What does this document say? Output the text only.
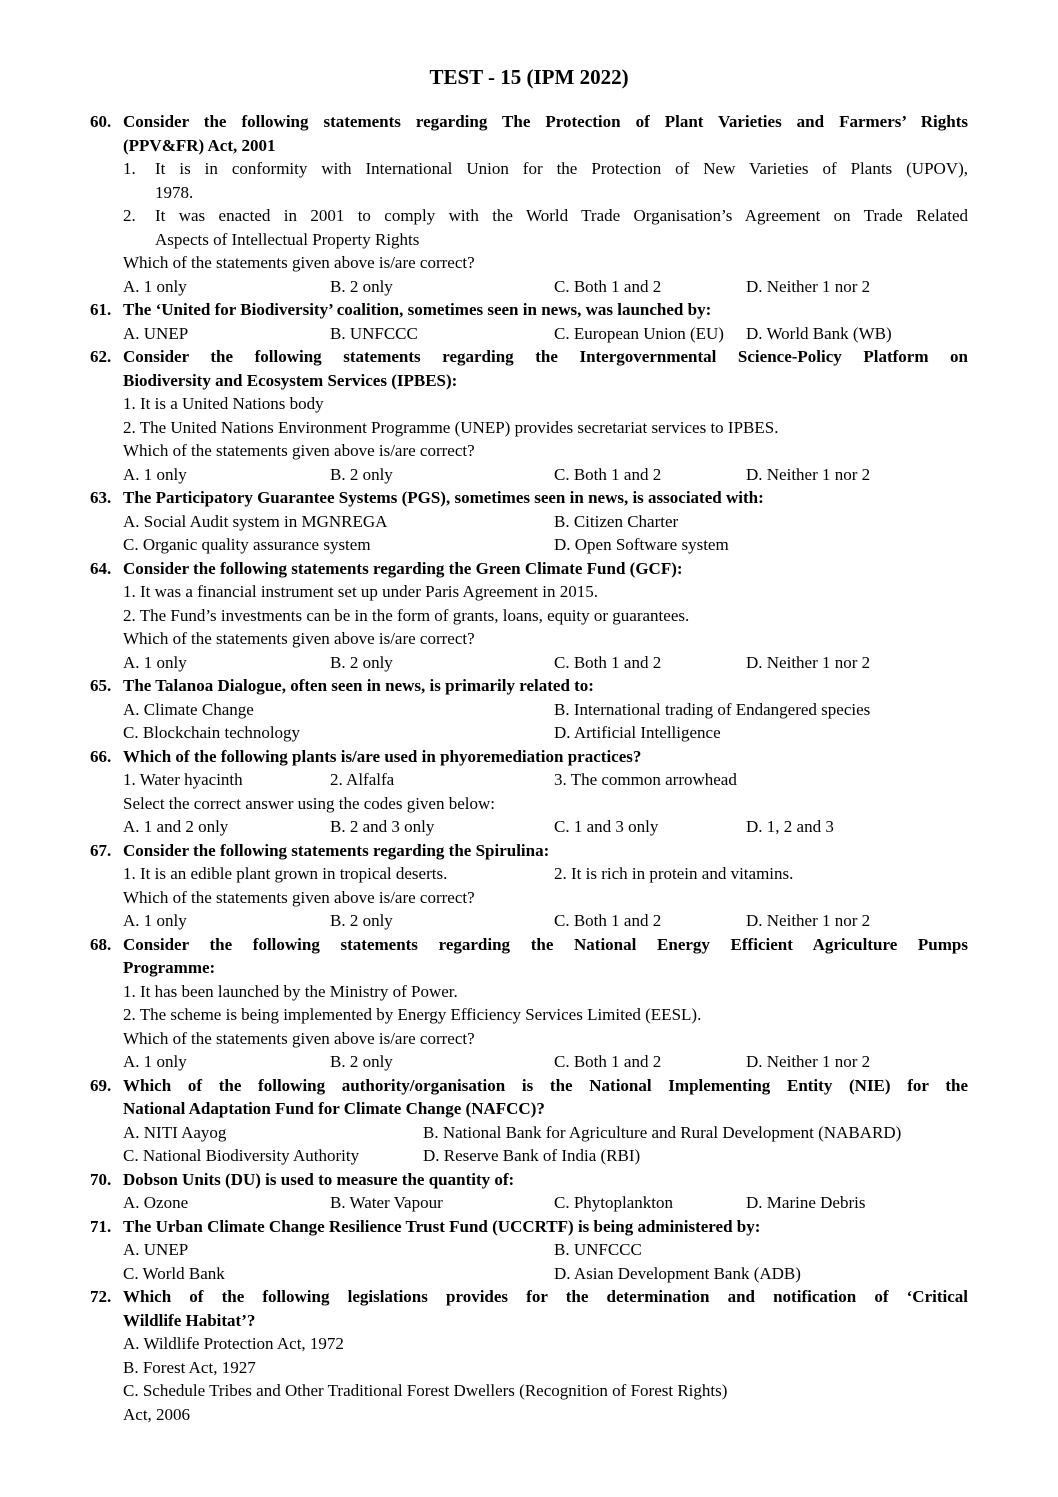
TEST - 15 (IPM 2022)
60. Consider the following statements regarding The Protection of Plant Varieties and Farmers’ Rights
(PPV&FR) Act, 2001
1.	It is in conformity with International Union for the Protection of New Varieties of Plants (UPOV),
1978.
2.	It was enacted in 2001 to comply with the World Trade Organisation’s Agreement on Trade Related
Aspects of Intellectual Property Rights
Which of the statements given above is/are correct?
A. 1 only	B. 2 only	C. Both 1 and 2	D. Neither 1 nor 2
61. The ‘United for Biodiversity’ coalition, sometimes seen in news, was launched by:

A. UNEP	B. UNFCCC	C. European Union (EU)	D. World Bank (WB)
62. Consider the following statements regarding the Intergovernmental Science-Policy Platform on
Biodiversity and Ecosystem Services (IPBES):
1. It is a United Nations body
2. The United Nations Environment Programme (UNEP) provides secretariat services to IPBES.
Which of the statements given above is/are correct?
A. 1 only	B. 2 only	C. Both 1 and 2	D. Neither 1 nor 2
63. The Participatory Guarantee Systems (PGS), sometimes seen in news, is associated with:

A. Social Audit system in MGNREGA	B. Citizen Charter
C. Organic quality assurance system	D. Open Software system
64. Consider the following statements regarding the Green Climate Fund (GCF):

1. It was a financial instrument set up under Paris Agreement in 2015.
2. The Fund’s investments can be in the form of grants, loans, equity or guarantees.
Which of the statements given above is/are correct?
A. 1 only	B. 2 only	C. Both 1 and 2	D. Neither 1 nor 2
65. The Talanoa Dialogue, often seen in news, is primarily related to:

A. Climate Change	B. International trading of Endangered species
C. Blockchain technology	D. Artificial Intelligence
66. Which of the following plants is/are used in phyoremediation practices?

1. Water hyacinth	2. Alfalfa	3. The common arrowhead
Select the correct answer using the codes given below:
A. 1 and 2 only	B. 2 and 3 only	C. 1 and 3 only	D. 1, 2 and 3
67. Consider the following statements regarding the Spirulina:

1. It is an edible plant grown in tropical deserts.	2. It is rich in protein and vitamins.
Which of the statements given above is/are correct?
A. 1 only	B. 2 only	C. Both 1 and 2	D. Neither 1 nor 2
68. Consider the following statements regarding the National Energy Efficient Agriculture Pumps
Programme:
1. It has been launched by the Ministry of Power.
2. The scheme is being implemented by Energy Efficiency Services Limited (EESL).
Which of the statements given above is/are correct?
A. 1 only	B. 2 only	C. Both 1 and 2	D. Neither 1 nor 2
69. Which of the following authority/organisation is the National Implementing Entity (NIE) for the
National Adaptation Fund for Climate Change (NAFCC)?
A. NITI Aayog	B. National Bank for Agriculture and Rural Development (NABARD)
C. National Biodiversity Authority	D. Reserve Bank of India (RBI)
70. Dobson Units (DU) is used to measure the quantity of:

A. Ozone	B. Water Vapour	C. Phytoplankton	D. Marine Debris
71. The Urban Climate Change Resilience Trust Fund (UCCRTF) is being administered by:

A. UNEP	B. UNFCCC
C. World Bank	D. Asian Development Bank (ADB)
72. Which of the following legislations provides for the determination and notification of ‘Critical
Wildlife Habitat’?
A. Wildlife Protection Act, 1972
B. Forest Act, 1927
C. Schedule Tribes and Other Traditional Forest Dwellers (Recognition of Forest Rights)
Act, 2006
